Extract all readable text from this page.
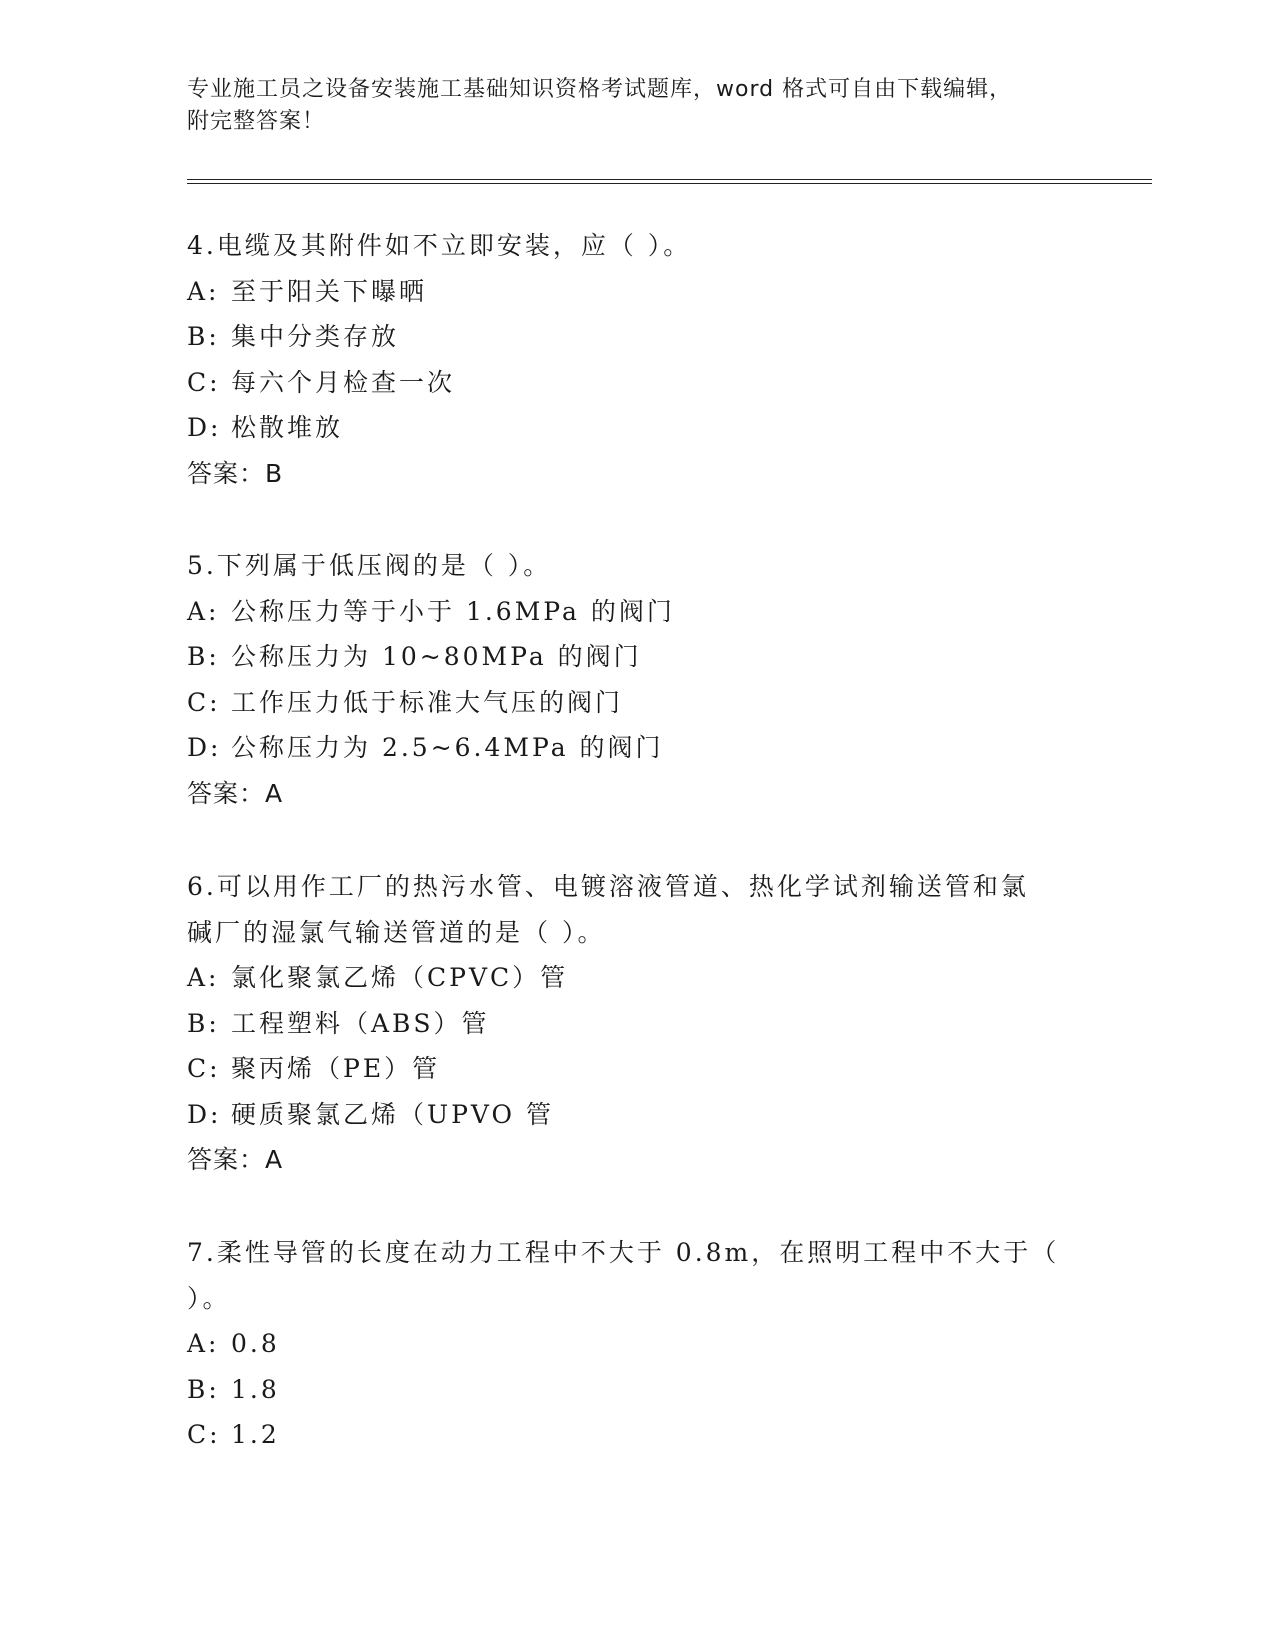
专业施工员之设备安装施工基础知识资格考试题库，word 格式可自由下载编辑，
附完整答案！
4.电缆及其附件如不立即安装，应（ ）。
A: 至于阳关下曝晒
B: 集中分类存放
C: 每六个月检查一次
D: 松散堆放
答案：B
5.下列属于低压阀的是（ ）。
A: 公称压力等于小于 1.6MPa 的阀门
B: 公称压力为 10~80MPa 的阀门
C: 工作压力低于标准大气压的阀门
D: 公称压力为 2.5~6.4MPa 的阀门
答案：A
6.可以用作工厂的热污水管、电镀溶液管道、热化学试剂输送管和氯
碱厂的湿氯气输送管道的是（ ）。
A: 氯化聚氯乙烯（CPVC）管
B: 工程塑料（ABS）管
C: 聚丙烯（PE）管
D: 硬质聚氯乙烯（UPVO 管
答案：A
7.柔性导管的长度在动力工程中不大于 0.8m，在照明工程中不大于（
）。
A: 0.8
B: 1.8
C: 1.2
